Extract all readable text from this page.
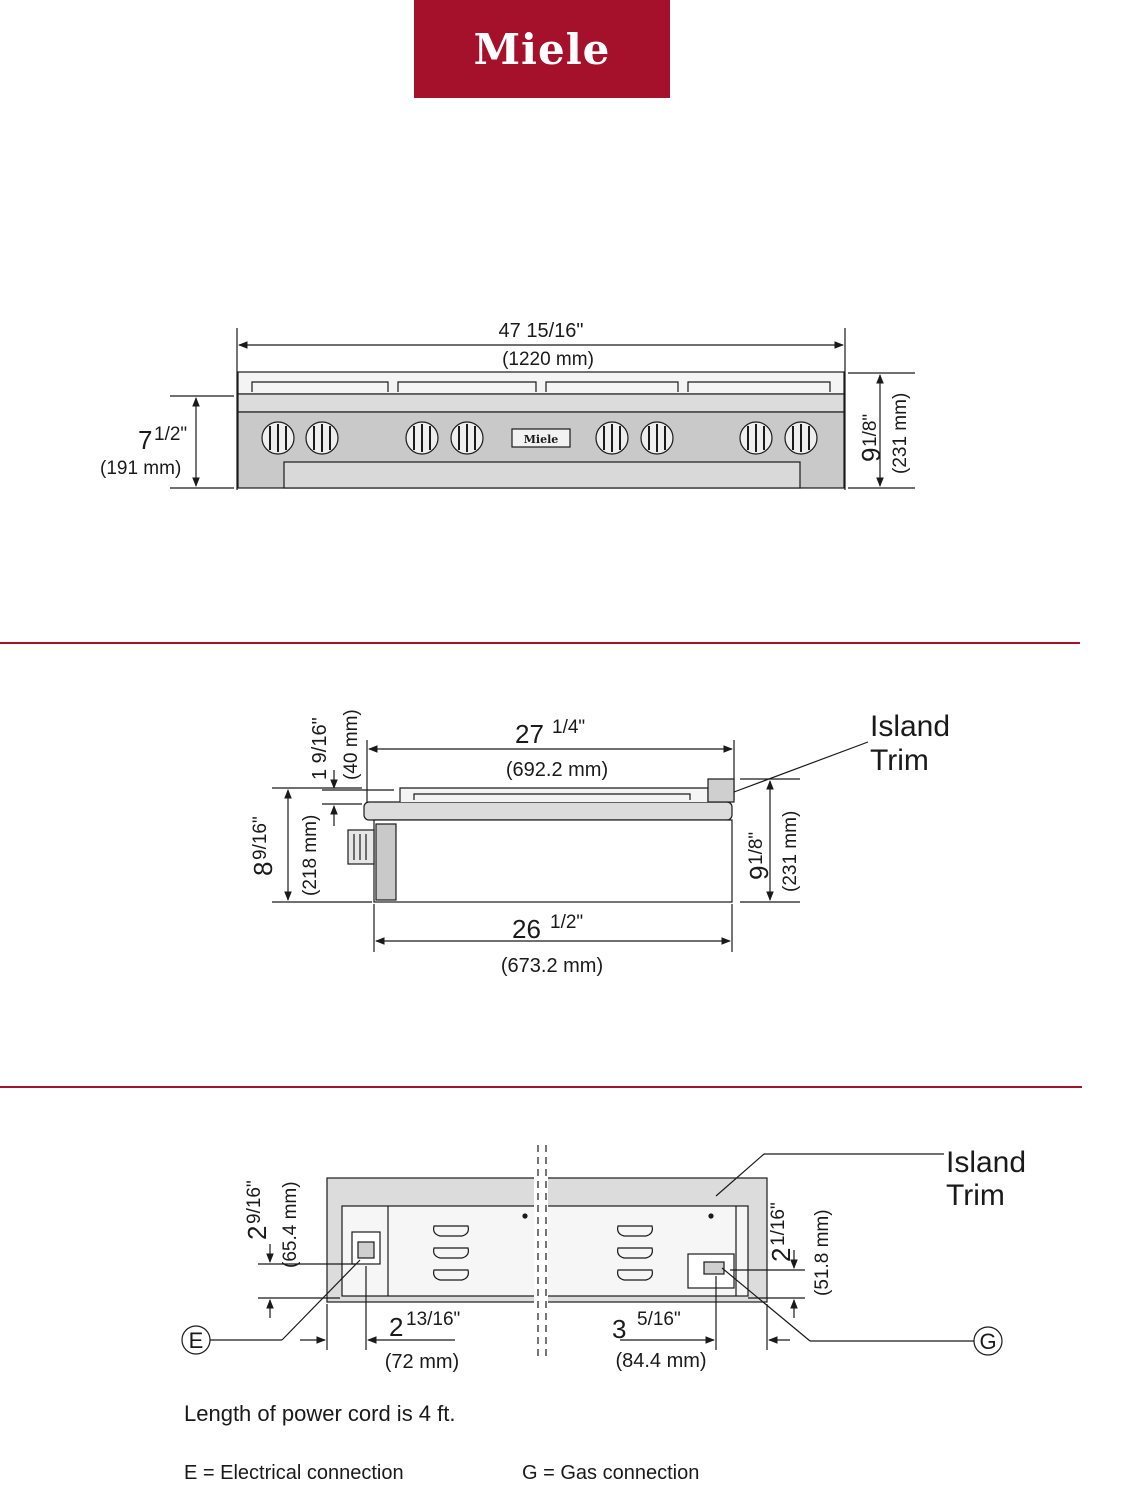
Miele
Miele
47 15/16"
(1220 mm)
7 1/2"
(191 mm)
9
1/8" (231 mm)
27 1/4"
(692.2 mm)
Island
Trim
1 9/16" (40 mm)
8
9/16" (218 mm)	9
1/8" (231 mm)
26 1/2"
(673.2 mm)
E	G
Island
Trim
2
9/16" (65.4 mm)	2
1/16" (51.8 mm)
2 13/16"
(72 mm)
3 5/16"
(84.4 mm)
Length of power cord is 4 ft.
E = Electrical connection	G = Gas connection
